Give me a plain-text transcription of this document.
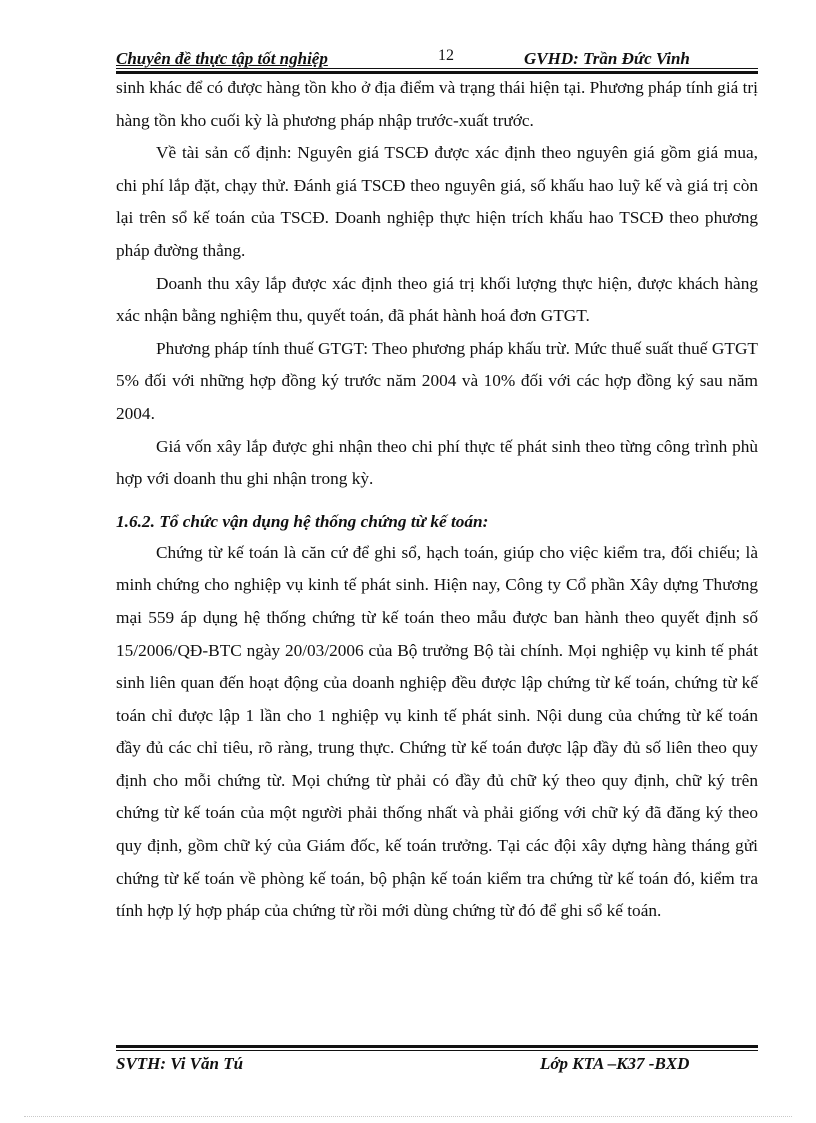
Chuyên đề thực tập tốt nghiệp	12	GVHD: Trần Đức Vinh

sinh khác để có được hàng tồn kho ở địa điểm và trạng thái hiện tại. Phương pháp tính giá trị hàng tồn kho cuối kỳ là phương pháp nhập trước-xuất trước.

Về tài sản cố định: Nguyên giá TSCĐ được xác định theo nguyên giá gồm giá mua, chi phí lắp đặt, chạy thử. Đánh giá TSCĐ theo nguyên giá, số khấu hao luỹ kế và giá trị còn lại trên sổ kế toán của TSCĐ. Doanh nghiệp thực hiện trích khấu hao TSCĐ theo phương pháp đường thẳng.

Doanh thu xây lắp được xác định theo giá trị khối lượng thực hiện, được khách hàng xác nhận bằng nghiệm thu, quyết toán, đã phát hành hoá đơn GTGT.

Phương pháp tính thuế GTGT: Theo phương pháp khấu trừ. Mức thuế suất thuế GTGT 5% đối với những hợp đồng ký trước năm 2004 và 10% đối với các hợp đồng ký sau năm 2004.

Giá vốn xây lắp được ghi nhận theo chi phí thực tế phát sinh theo từng công trình phù hợp với doanh thu ghi nhận trong kỳ.

1.6.2. Tổ chức vận dụng hệ thống chứng từ kế toán:

Chứng từ kế toán là căn cứ để ghi sổ, hạch toán, giúp cho việc kiểm tra, đối chiếu; là minh chứng cho nghiệp vụ kinh tế phát sinh. Hiện nay, Công ty Cổ phần Xây dựng Thương mại 559 áp dụng hệ thống chứng từ kế toán theo mẫu được ban hành theo quyết định số 15/2006/QĐ-BTC ngày 20/03/2006 của Bộ trưởng Bộ tài chính. Mọi nghiệp vụ kinh tế phát sinh liên quan đến hoạt động của doanh nghiệp đều được lập chứng từ kế toán, chứng từ kế toán chỉ được lập 1 lần cho 1 nghiệp vụ kinh tế phát sinh. Nội dung của chứng từ kế toán đầy đủ các chỉ tiêu, rõ ràng, trung thực. Chứng từ kế toán được lập đầy đủ số liên theo quy định cho mỗi chứng từ. Mọi chứng từ phải có đầy đủ chữ ký theo quy định, chữ ký trên chứng từ kế toán của một người phải thống nhất và phải giống với chữ ký đã đăng ký theo quy định, gồm chữ ký của Giám đốc, kế toán trưởng. Tại các đội xây dựng hàng tháng gửi chứng từ kế toán về phòng kế toán, bộ phận kế toán kiểm tra chứng từ kế toán đó, kiểm tra tính hợp lý hợp pháp của chứng từ rồi mới dùng chứng từ đó để ghi sổ kế toán.

SVTH: Vi Văn Tú	Lớp KTA –K37 -BXD
